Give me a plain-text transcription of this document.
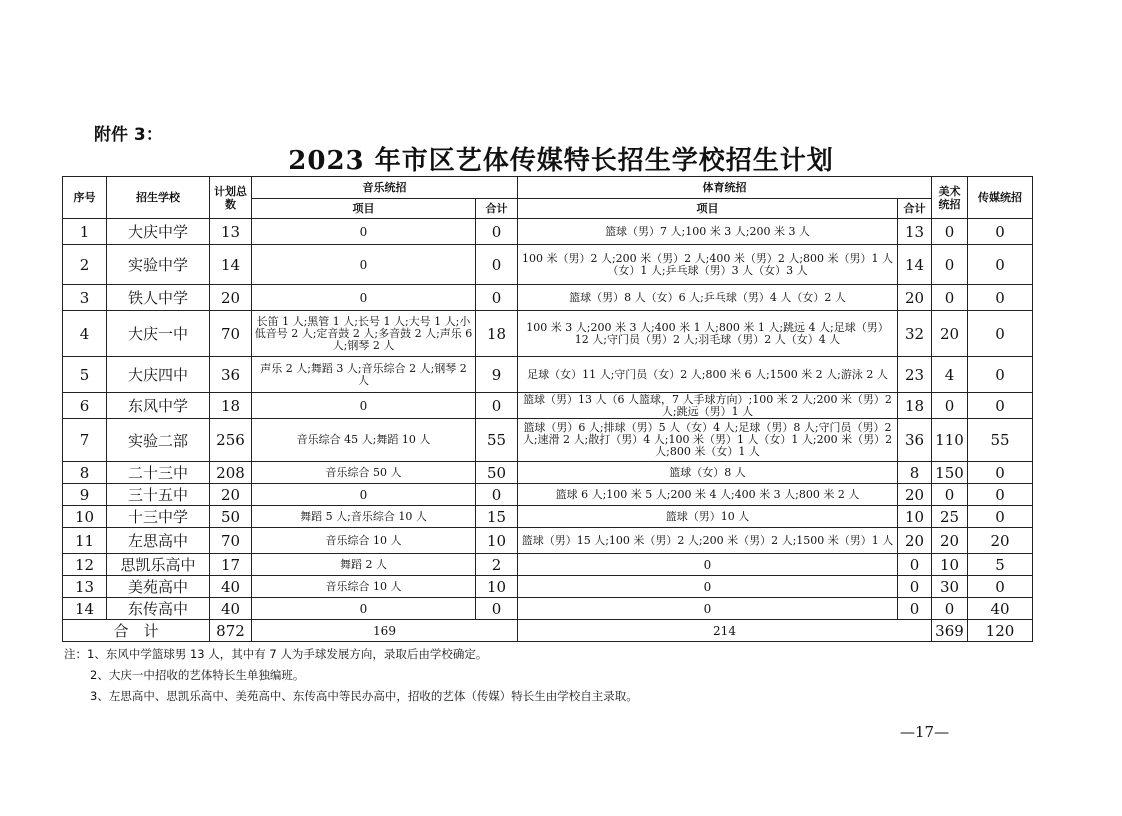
附件 3：
2023 年市区艺体传媒特长招生学校招生计划
序号	招生学校	计划总数	音乐统招		体育统招		美术统招	传媒统招
			项目	合计	项目	合计		
1	大庆中学	13	0	0	篮球（男）7 人;100 米 3 人;200 米 3 人	13	0	0
2	实验中学	14	0	0	100 米（男）2 人;200 米（男）2 人;400 米（男）2 人;800 米（男）1 人（女）1 人;乒乓球（男）3 人（女）3 人	14	0	0
3	铁人中学	20	0	0	篮球（男）8 人（女）6 人;乒乓球（男）4 人（女）2 人	20	0	0
4	大庆一中	70	长笛 1 人;黑管 1 人;长号 1 人;大号 1 人;小低音号 2 人;定音鼓 2 人;多音鼓 2 人;声乐 6 人;钢琴 2 人	18	100 米 3 人;200 米 3 人;400 米 1 人;800 米 1 人;跳远 4 人;足球（男）12 人;守门员（男）2 人;羽毛球（男）2 人（女）4 人	32	20	0
5	大庆四中	36	声乐 2 人;舞蹈 3 人;音乐综合 2 人;钢琴 2 人	9	足球（女）11 人;守门员（女）2 人;800 米 6 人;1500 米 2 人;游泳 2 人	23	4	0
6	东风中学	18	0	0	篮球（男）13 人（6 人篮球，7 人手球方向）;100 米 2 人;200 米（男）2 人;跳远（男）1 人	18	0	0
7	实验二部	256	音乐综合 45 人;舞蹈 10 人	55	篮球（男）6 人;排球（男）5 人（女）4 人;足球（男）8 人;守门员（男）2 人;速滑 2 人;散打（男）4 人;100 米（男）1 人（女）1 人;200 米（男）2 人;800 米（女）1 人	36	110	55
8	二十三中	208	音乐综合 50 人	50	篮球（女）8 人	8	150	0
9	三十五中	20	0	0	篮球 6 人;100 米 5 人;200 米 4 人;400 米 3 人;800 米 2 人	20	0	0
10	十三中学	50	舞蹈 5 人;音乐综合 10 人	15	篮球（男）10 人	10	25	0
11	左思高中	70	音乐综合 10 人	10	篮球（男）15 人;100 米（男）2 人;200 米（男）2 人;1500 米（男）1 人	20	20	20
12	思凯乐高中	17	舞蹈 2 人	2	0	0	10	5
13	美苑高中	40	音乐综合 10 人	10	0	0	30	0
14	东传高中	40	0	0	0	0	0	40
合　计		872	169		214		369	120
注：1、东风中学篮球男 13 人，其中有 7 人为手球发展方向，录取后由学校确定。
2、大庆一中招收的艺体特长生单独编班。
3、左思高中、思凯乐高中、美苑高中、东传高中等民办高中，招收的艺体（传媒）特长生由学校自主录取。
—17—
